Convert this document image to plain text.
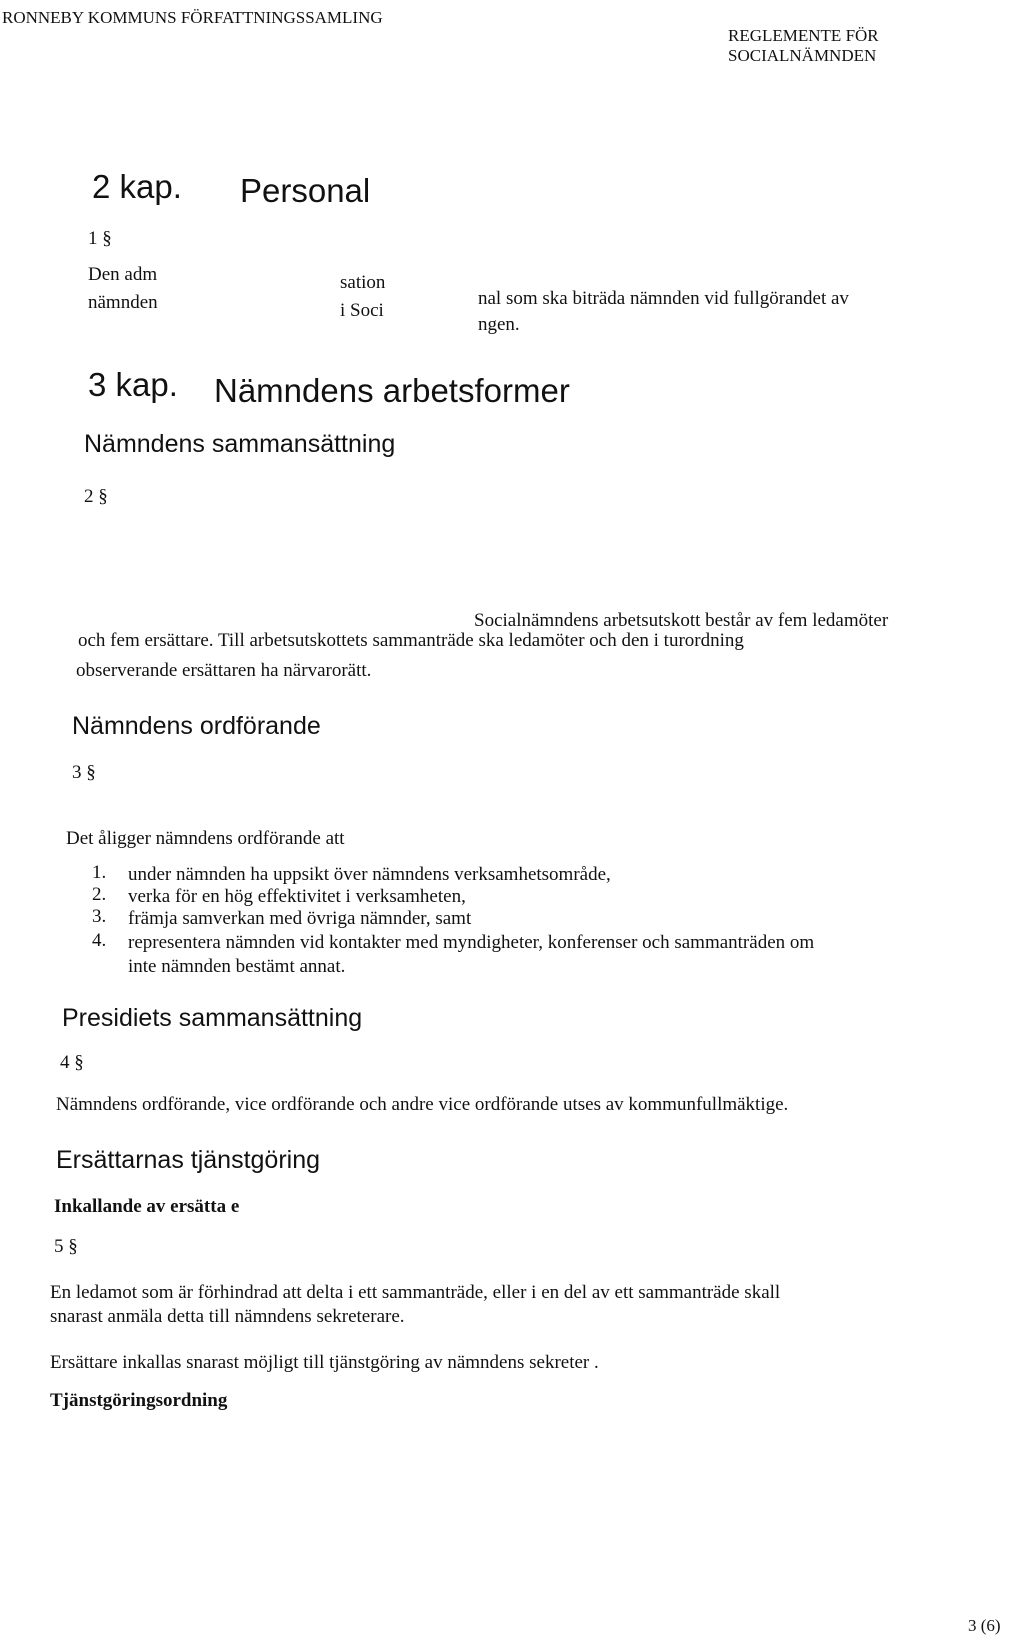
RONNEBY KOMMUNS FÖRFATTNINGSSAMLING
REGLEMENTE FÖR
SOCIALNÄMNDEN
2 kap. Personal
1 §
Den adm
nämnden
sation
i Soci
nal som ska biträda nämnden vid fullgörandet av
ngen.
3 kap. Nämndens arbetsformer
Nämndens sammansättning
2 §
Socialnämndens arbetsutskott består av fem ledamöter
och fem ersättare. Till arbetsutskottets sammanträde ska ledamöter och den i turordning
observerande ersättaren ha närvarorätt.
Nämndens ordförande
3 §
Det åligger nämndens ordförande att
1. under nämnden ha uppsikt över nämndens verksamhetsområde,
2. verka för en hög effektivitet i verksamheten,
3. främja samverkan med övriga nämnder, samt
4. representera nämnden vid kontakter med myndigheter, konferenser och sammanträden om
inte nämnden bestämt annat.
Presidiets sammansättning
4 §
Nämndens ordförande, vice ordförande och andre vice ordförande utses av kommunfullmäktige.
Ersättarnas tjänstgöring
Inkallande av ersätta e
5 §
En ledamot som är förhindrad att delta i ett sammanträde, eller i en del av ett sammanträde skall
snarast anmäla detta till nämndens sekreterare.
Ersättare inkallas snarast möjligt till tjänstgöring av nämndens sekreter .
Tjänstgöringsordning
3 (6)
